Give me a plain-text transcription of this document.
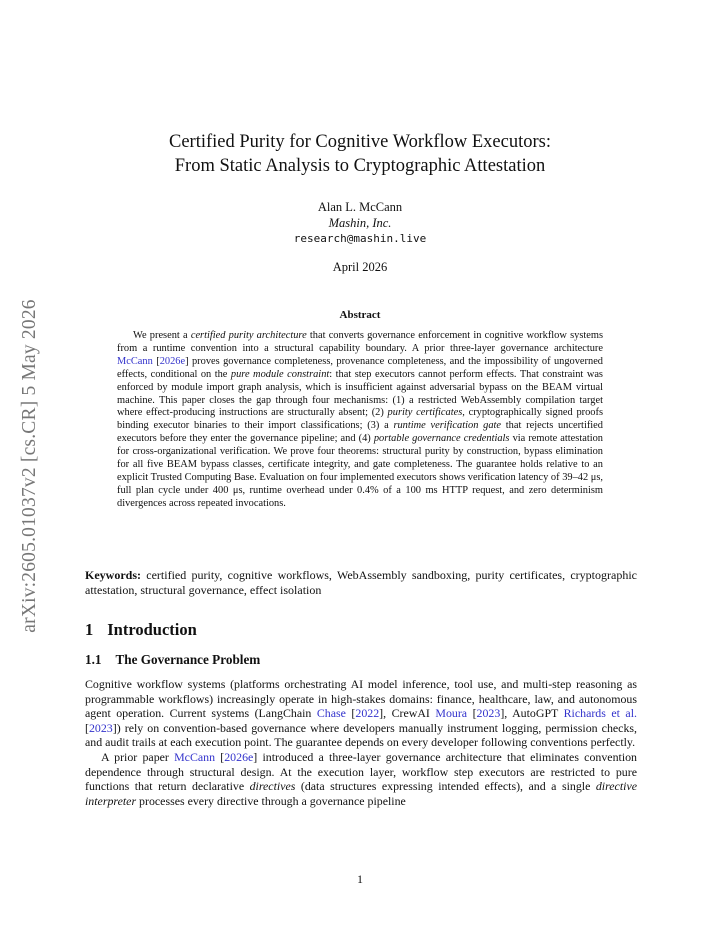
arXiv:2605.01037v2 [cs.CR] 5 May 2026
Certified Purity for Cognitive Workflow Executors:
From Static Analysis to Cryptographic Attestation
Alan L. McCann
Mashin, Inc.
research@mashin.live
April 2026
Abstract

We present a certified purity architecture that converts governance enforcement in cognitive workflow systems from a runtime convention into a structural capability boundary. A prior three-layer governance architecture McCann [2026e] proves governance completeness, provenance completeness, and the impossibility of ungoverned effects, conditional on the pure module constraint: that step executors cannot perform effects. That constraint was enforced by module import graph analysis, which is insufficient against adversarial bypass on the BEAM virtual machine. This paper closes the gap through four mechanisms: (1) a restricted WebAssembly compilation target where effect-producing instructions are structurally absent; (2) purity certificates, cryptographically signed proofs binding executor binaries to their import classifications; (3) a runtime verification gate that rejects uncertified executors before they enter the governance pipeline; and (4) portable governance credentials via remote attestation for cross-organizational verification. We prove four theorems: structural purity by construction, bypass elimination for all five BEAM bypass classes, certificate integrity, and gate completeness. The guarantee holds relative to an explicit Trusted Computing Base. Evaluation on four implemented executors shows verification latency of 39–42 μs, full plan cycle under 400 μs, runtime overhead under 0.4% of a 100 ms HTTP request, and zero determinism divergences across repeated invocations.

Keywords: certified purity, cognitive workflows, WebAssembly sandboxing, purity certificates, cryptographic attestation, structural governance, effect isolation
1 Introduction
1.1 The Governance Problem

Cognitive workflow systems (platforms orchestrating AI model inference, tool use, and multi-step reasoning as programmable workflows) increasingly operate in high-stakes domains: finance, healthcare, law, and autonomous agent operation. Current systems (LangChain Chase [2022], CrewAI Moura [2023], AutoGPT Richards et al. [2023]) rely on convention-based governance where developers manually instrument logging, permission checks, and audit trails at each execution point. The guarantee depends on every developer following conventions perfectly.

A prior paper McCann [2026e] introduced a three-layer governance architecture that eliminates convention dependence through structural design. At the execution layer, workflow step executors are restricted to pure functions that return declarative directives (data structures expressing intended effects), and a single directive interpreter processes every directive through a governance pipeline

1
